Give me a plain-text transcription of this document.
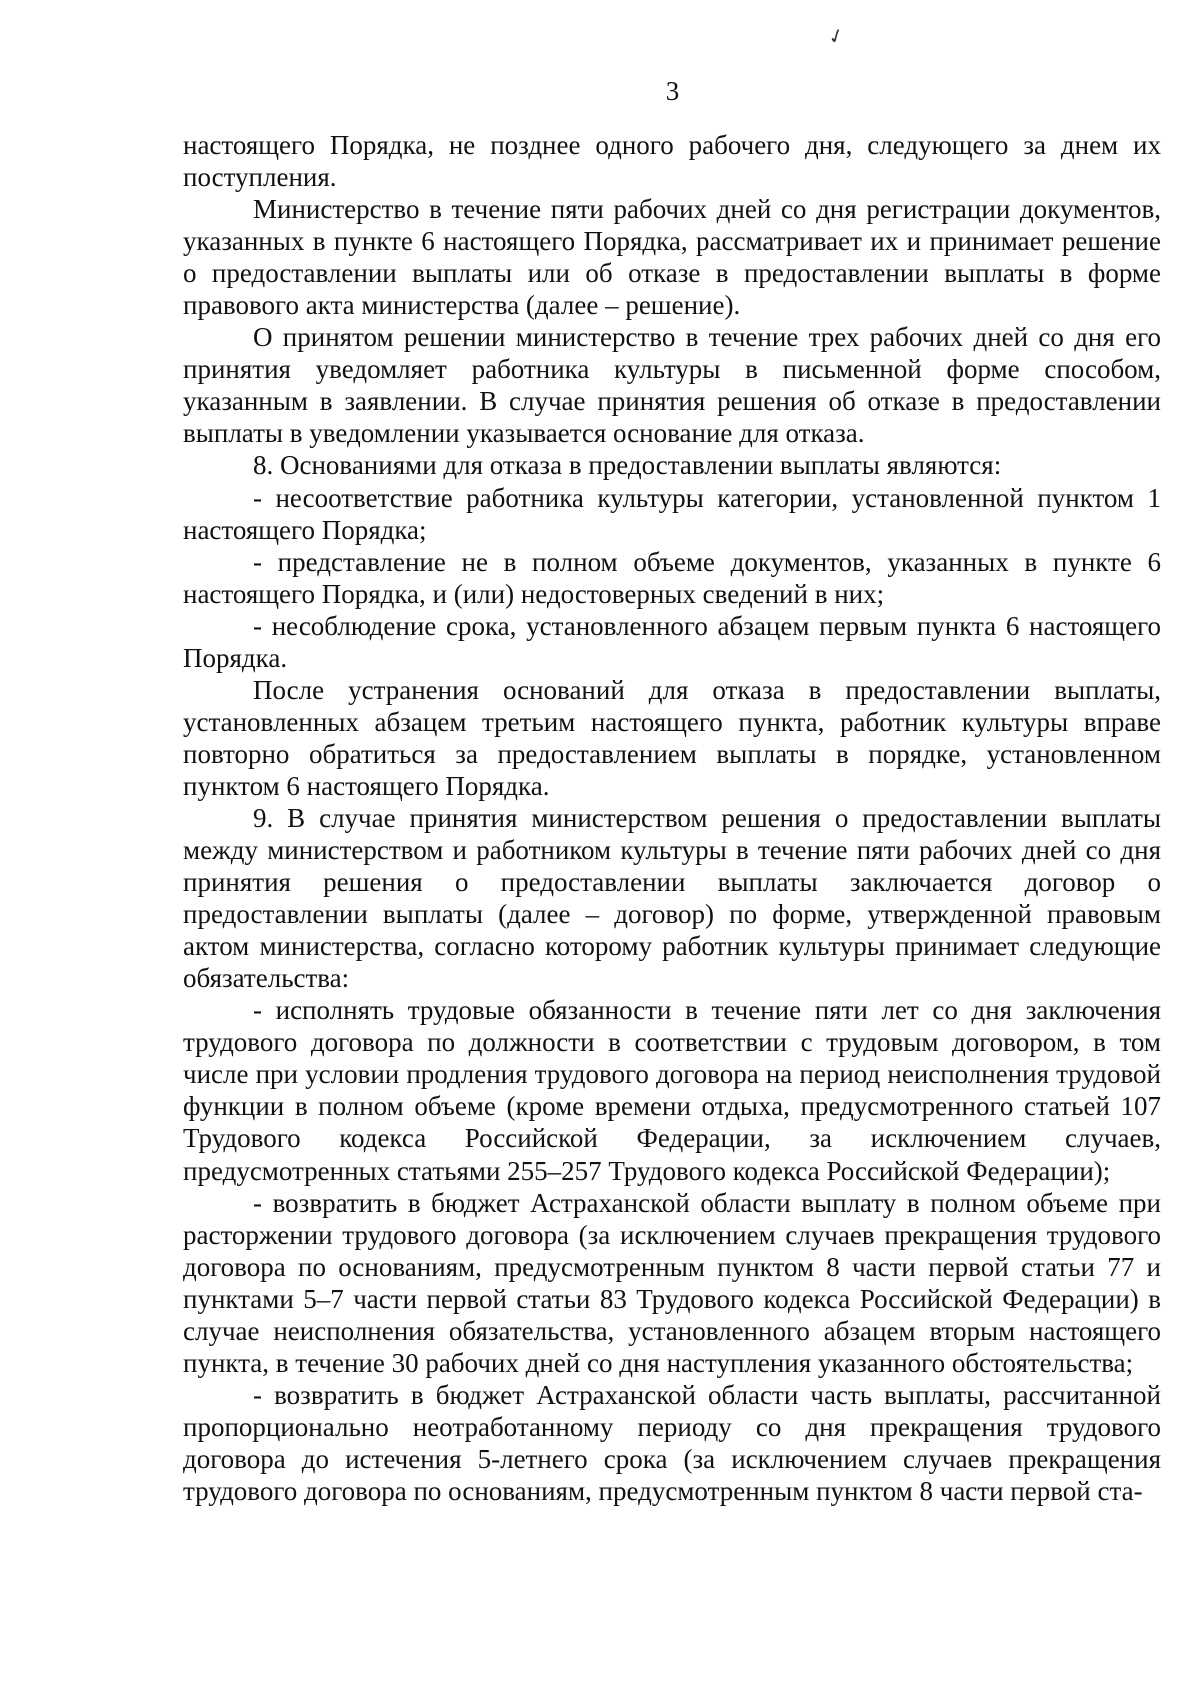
✓
3

настоящего Порядка, не позднее одного рабочего дня, следующего за днем их поступления.

Министерство в течение пяти рабочих дней со дня регистрации документов, указанных в пункте 6 настоящего Порядка, рассматривает их и принимает решение о предоставлении выплаты или об отказе в предоставлении выплаты в форме правового акта министерства (далее – решение).

О принятом решении министерство в течение трех рабочих дней со дня его принятия уведомляет работника культуры в письменной форме способом, указанным в заявлении. В случае принятия решения об отказе в предоставлении выплаты в уведомлении указывается основание для отказа.

8. Основаниями для отказа в предоставлении выплаты являются:

- несоответствие работника культуры категории, установленной пунктом 1 настоящего Порядка;

- представление не в полном объеме документов, указанных в пункте 6 настоящего Порядка, и (или) недостоверных сведений в них;

- несоблюдение срока, установленного абзацем первым пункта 6 настоящего Порядка.

После устранения оснований для отказа в предоставлении выплаты, установленных абзацем третьим настоящего пункта, работник культуры вправе повторно обратиться за предоставлением выплаты в порядке, установленном пунктом 6 настоящего Порядка.

9. В случае принятия министерством решения о предоставлении выплаты между министерством и работником культуры в течение пяти рабочих дней со дня принятия решения о предоставлении выплаты заключается договор о предоставлении выплаты (далее – договор) по форме, утвержденной правовым актом министерства, согласно которому работник культуры принимает следующие обязательства:

- исполнять трудовые обязанности в течение пяти лет со дня заключения трудового договора по должности в соответствии с трудовым договором, в том числе при условии продления трудового договора на период неисполнения трудовой функции в полном объеме (кроме времени отдыха, предусмотренного статьей 107 Трудового кодекса Российской Федерации, за исключением случаев, предусмотренных статьями 255–257 Трудового кодекса Российской Федерации);

- возвратить в бюджет Астраханской области выплату в полном объеме при расторжении трудового договора (за исключением случаев прекращения трудового договора по основаниям, предусмотренным пунктом 8 части первой статьи 77 и пунктами 5–7 части первой статьи 83 Трудового кодекса Российской Федерации) в случае неисполнения обязательства, установленного абзацем вторым настоящего пункта, в течение 30 рабочих дней со дня наступления указанного обстоятельства;

- возвратить в бюджет Астраханской области часть выплаты, рассчитанной пропорционально неотработанному периоду со дня прекращения трудового договора до истечения 5-летнего срока (за исключением случаев прекращения трудового договора по основаниям, предусмотренным пунктом 8 части первой ста-
